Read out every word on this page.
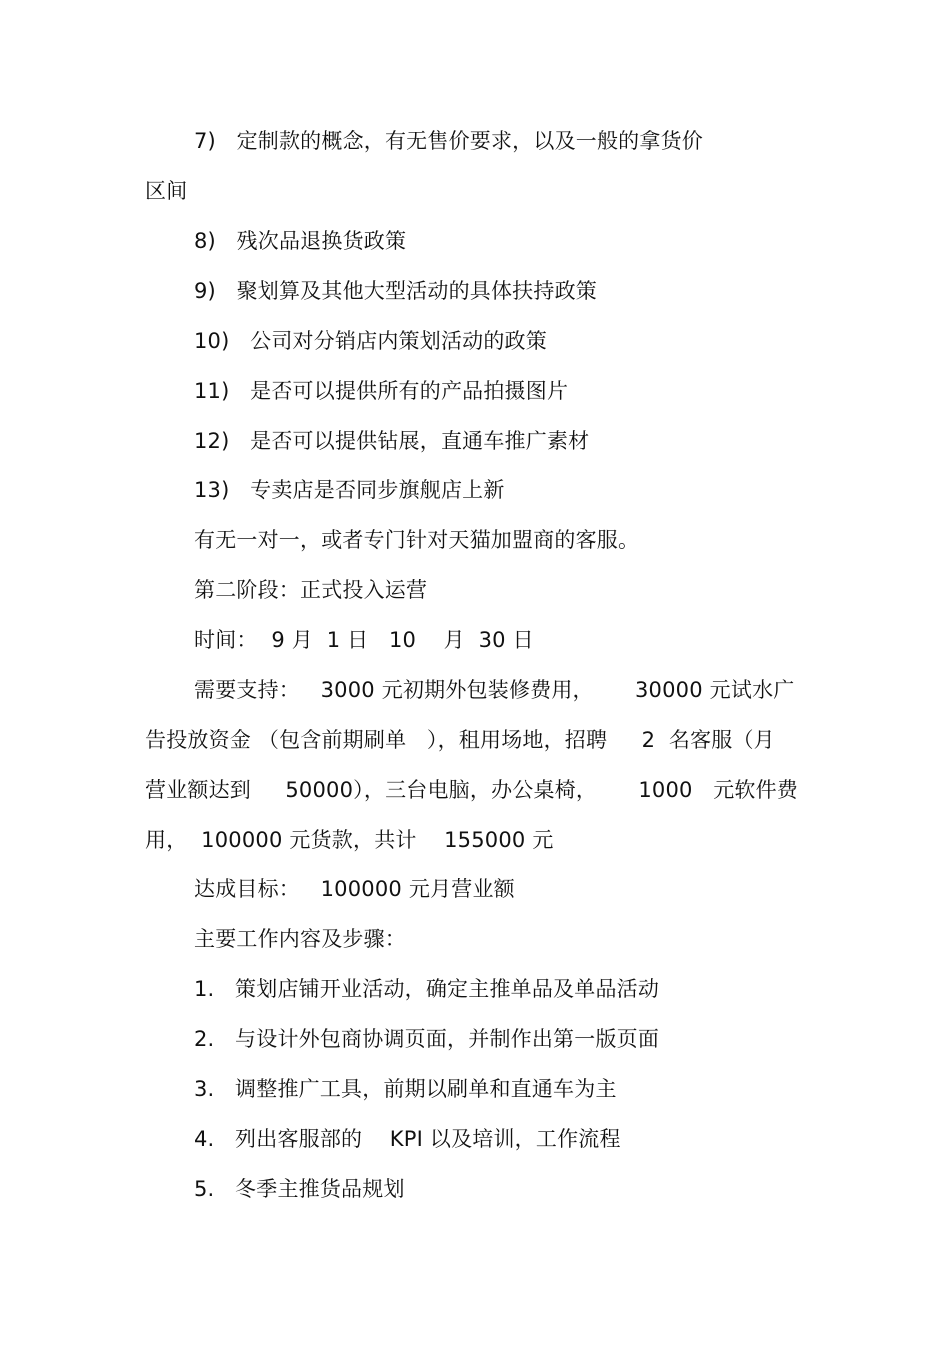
7)   定制款的概念，有无售价要求，以及一般的拿货价
区间
8)   残次品退换货政策
9)   聚划算及其他大型活动的具体扶持政策
10)   公司对分销店内策划活动的政策
11)   是否可以提供所有的产品拍摄图片
12)   是否可以提供钻展，直通车推广素材
13)   专卖店是否同步旗舰店上新
有无一对一，或者专门针对天猫加盟商的客服。
第二阶段：正式投入运营
时间：  9 月  1 日   10    月  30 日
需要支持：   3000 元初期外包装修费用，      30000 元试水广
告投放资金 （包含前期刷单   ），租用场地，招聘     2  名客服（月
营业额达到     50000），三台电脑，办公桌椅，      1000   元软件费
用，  100000 元货款，共计    155000 元
达成目标：   100000 元月营业额
主要工作内容及步骤：
1.   策划店铺开业活动，确定主推单品及单品活动
2.   与设计外包商协调页面，并制作出第一版页面
3.   调整推广工具，前期以刷单和直通车为主
4.   列出客服部的    KPI 以及培训，工作流程
5.   冬季主推货品规划
